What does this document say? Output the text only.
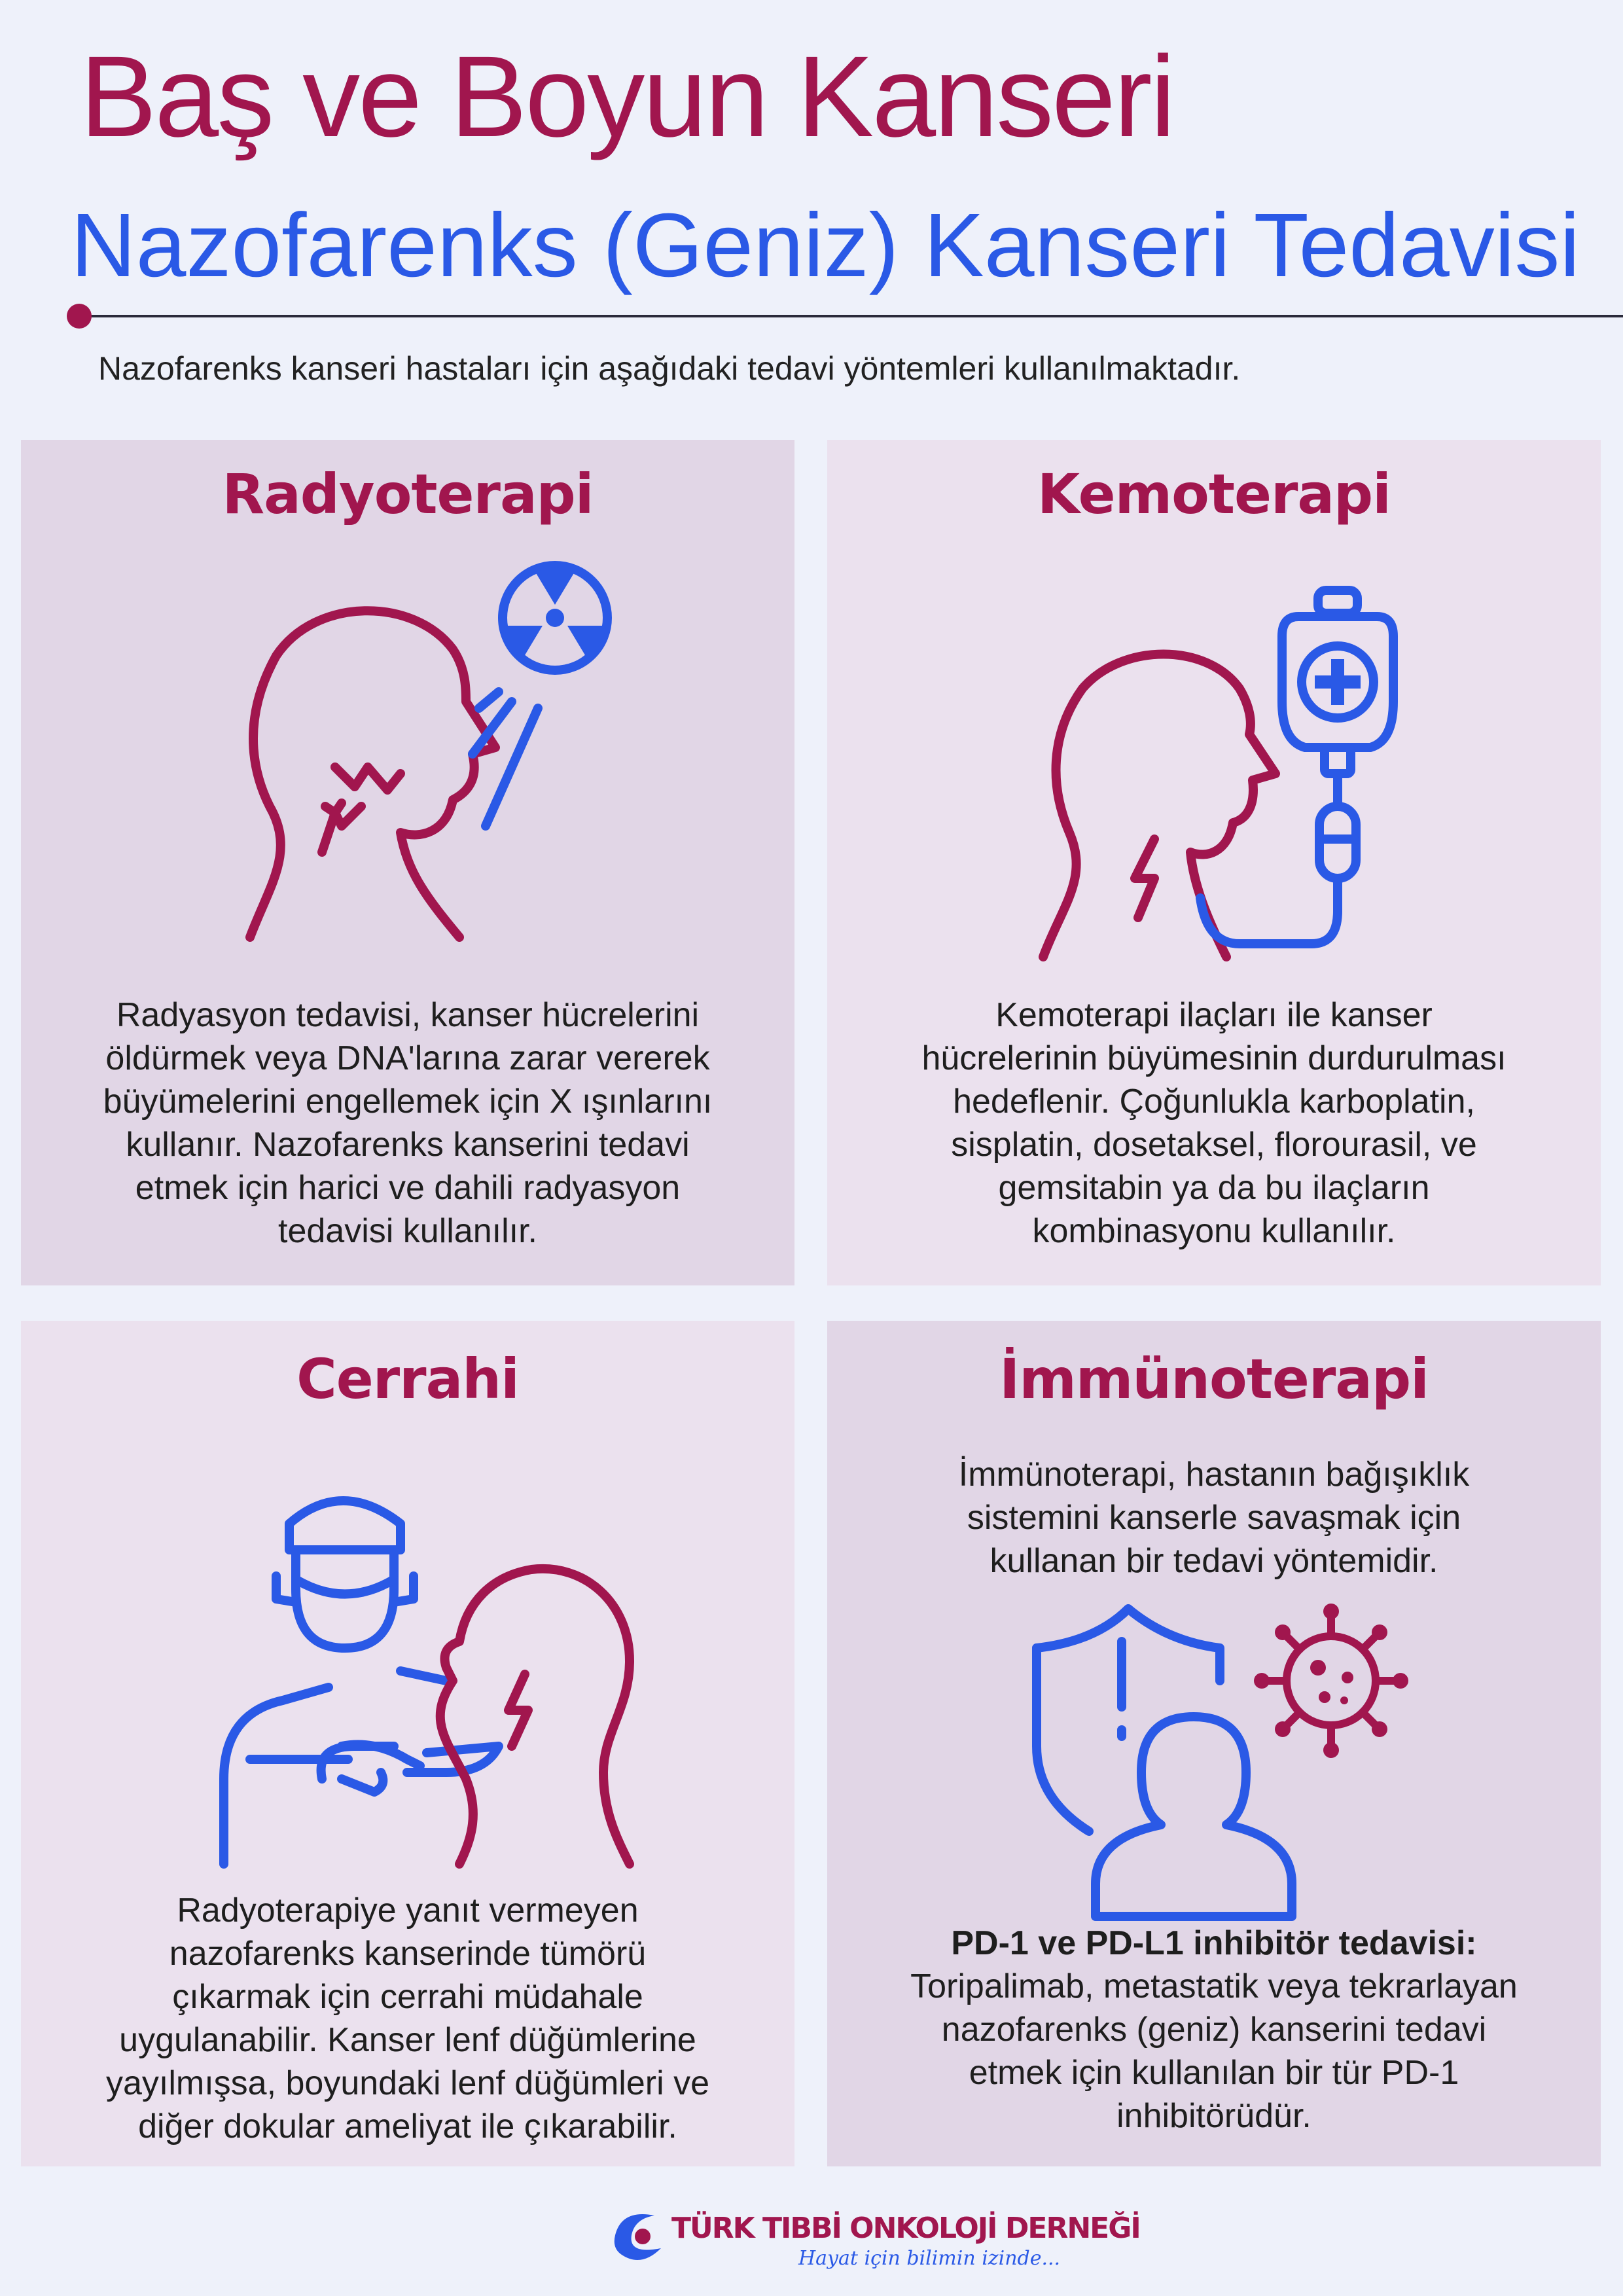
Baş ve Boyun Kanseri
Nazofarenks (Geniz) Kanseri Tedavisi
Nazofarenks kanseri hastaları için aşağıdaki tedavi yöntemleri kullanılmaktadır.
Radyoterapi
Radyasyon tedavisi, kanser hücrelerini
öldürmek veya DNA'larına zarar vererek
büyümelerini engellemek için X ışınlarını
kullanır. Nazofarenks kanserini tedavi
etmek için harici ve dahili radyasyon
tedavisi kullanılır.
Kemoterapi
Kemoterapi ilaçları ile kanser
hücrelerinin büyümesinin durdurulması
hedeflenir. Çoğunlukla karboplatin,
sisplatin, dosetaksel, florourasil, ve
gemsitabin ya da bu ilaçların
kombinasyonu kullanılır.
Cerrahi
Radyoterapiye yanıt vermeyen
nazofarenks kanserinde tümörü
çıkarmak için cerrahi müdahale
uygulanabilir. Kanser lenf düğümlerine
yayılmışsa, boyundaki lenf düğümleri ve
diğer dokular ameliyat ile çıkarabilir.
İmmünoterapi
İmmünoterapi, hastanın bağışıklık
sistemini kanserle savaşmak için
kullanan bir tedavi yöntemidir.
PD-1 ve PD-L1 inhibitör tedavisi:
Toripalimab, metastatik veya tekrarlayan
nazofarenks (geniz) kanserini tedavi
etmek için kullanılan bir tür PD-1
inhibitörüdür.
TÜRK TIBBİ ONKOLOJİ DERNEĞİ
Hayat için bilimin izinde...
